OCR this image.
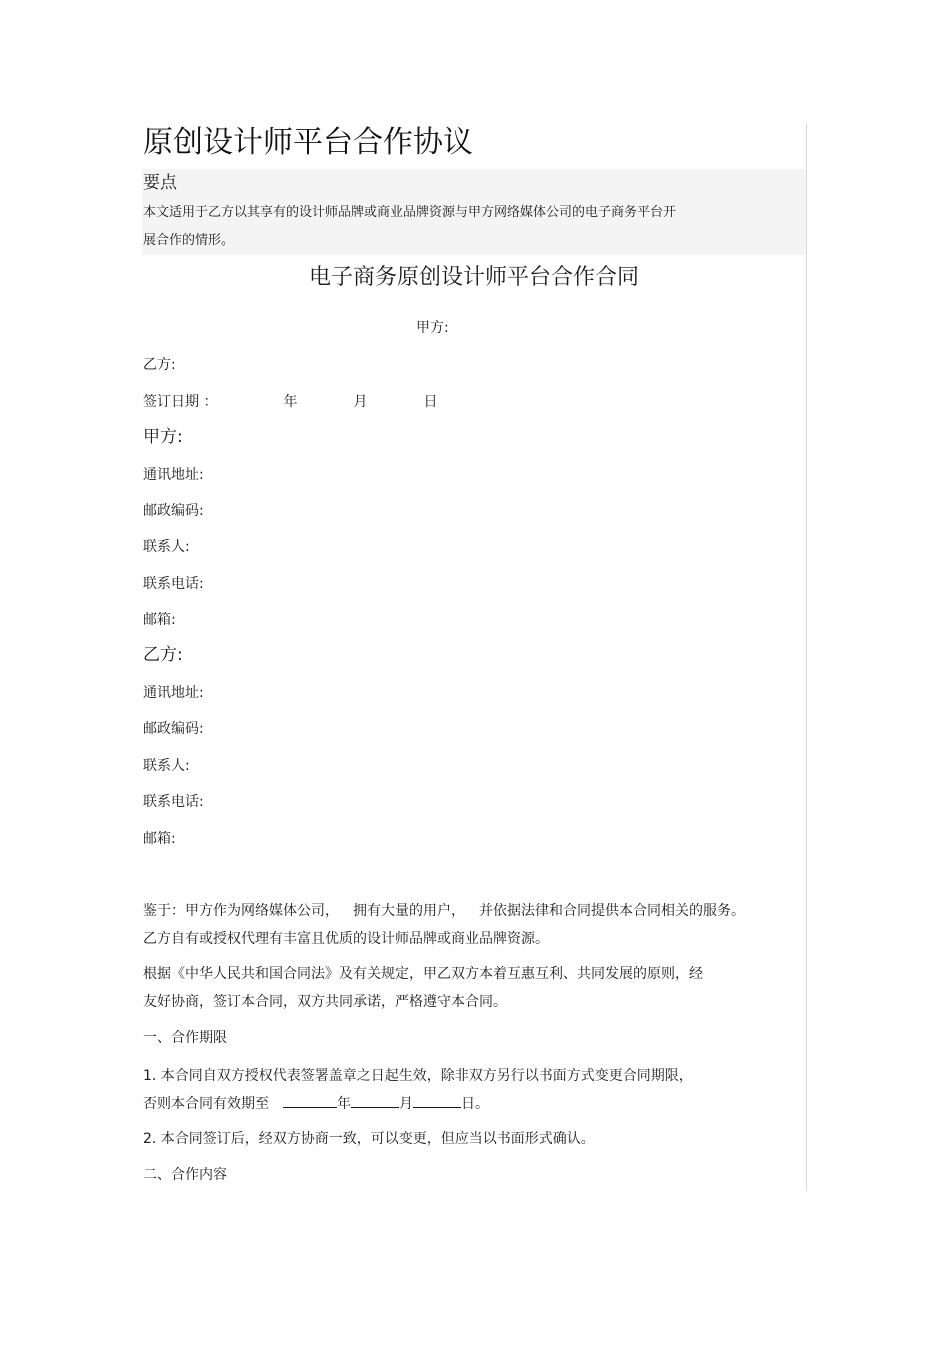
原创设计师平台合作协议
要点
本文适用于乙方以其享有的设计师品牌或商业品牌资源与甲方网络媒体公司的电子商务平台开
展合作的情形。
电子商务原创设计师平台合作合同
甲方:
乙方:
签订日期 ：	年	月	日
甲方:
通讯地址:
邮政编码:
联系人:
联系电话:
邮箱:
乙方:
通讯地址:
邮政编码:
联系人:
联系电话:
邮箱:
鉴于：甲方作为网络媒体公司， 拥有大量的用户， 并依据法律和合同提供本合同相关的服务。
乙方自有或授权代理有丰富且优质的设计师品牌或商业品牌资源。
根据《中华人民共和国合同法》及有关规定，甲乙双方本着互惠互利、共同发展的原则，经
友好协商，签订本合同，双方共同承诺，严格遵守本合同。
一、合作期限
1. 本合同自双方授权代表签署盖章之日起生效，除非双方另行以书面方式变更合同期限，
否则本合同有效期至	年	月	日。
2. 本合同签订后，经双方协商一致，可以变更，但应当以书面形式确认。
二、合作内容
